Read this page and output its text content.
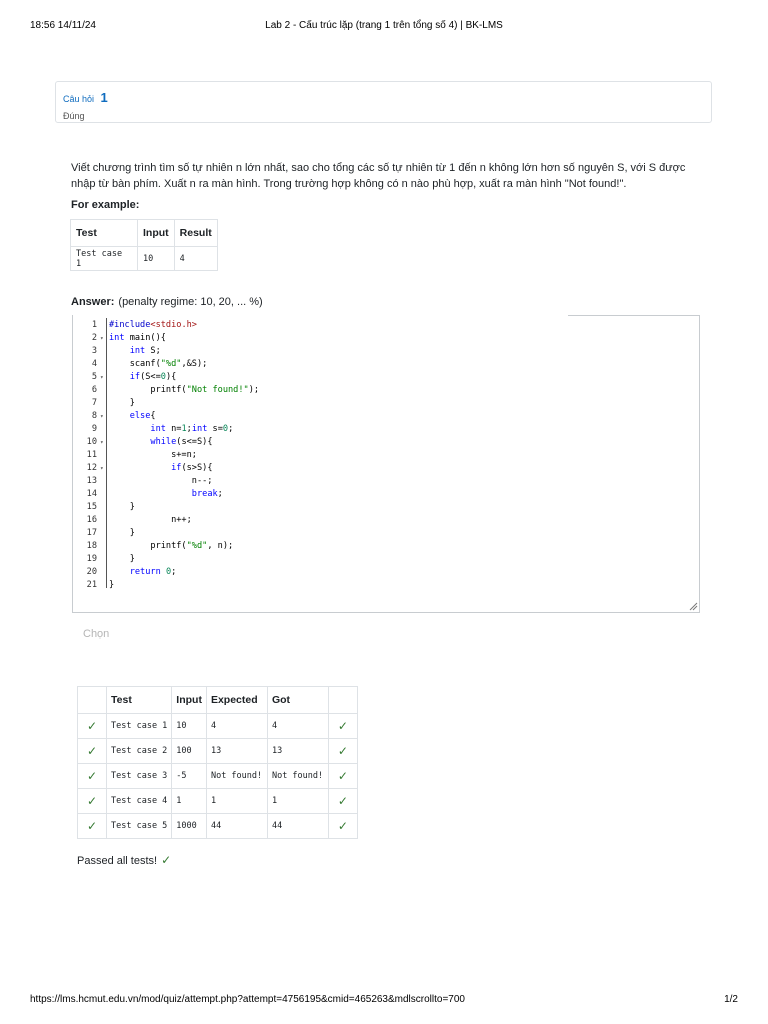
18:56 14/11/24	Lab 2 - Cấu trúc lặp (trang 1 trên tổng số 4) | BK-LMS
Câu hỏi 1
Đúng
Viết chương trình tìm số tự nhiên n lớn nhất, sao cho tổng các số tự nhiên từ 1 đến n không lớn hơn số nguyên S, với S được nhập từ bàn phím. Xuất n ra màn hình. Trong trường hợp không có n nào phù hợp, xuất ra màn hình "Not found!".
For example:
Test	Input	Result
Test case 1	10	4
Answer: (penalty regime: 10, 20, ... %)
1 #include<stdio.h>
2 ▾ int main(){
3	int S;
4 scanf("%d",&S);
5 ▾	if(S<=0){
6 printf("Not found!");
7 }
8 ▾	else{
9	int n=1;int s=0;
10 ▾	while(s<=S){
11 s+=n;
12 ▾	if(s>S){
13 n--;
14	break;
15 }
16 n++;
17 }
18 printf("%d", n);
19 }
20	return 0;
21 }
Chọn
	Test	Input	Expected	Got	
✓	Test case 1	10	4	4	✓
✓	Test case 2	100	13	13	✓
✓	Test case 3	-5	Not found!	Not found!	✓
✓	Test case 4	1	1	1	✓
✓	Test case 5	1000	44	44	✓
Passed all tests! ✓
https://lms.hcmut.edu.vn/mod/quiz/attempt.php?attempt=4756195&cmid=465263&mdlscrollto=700	1/2
